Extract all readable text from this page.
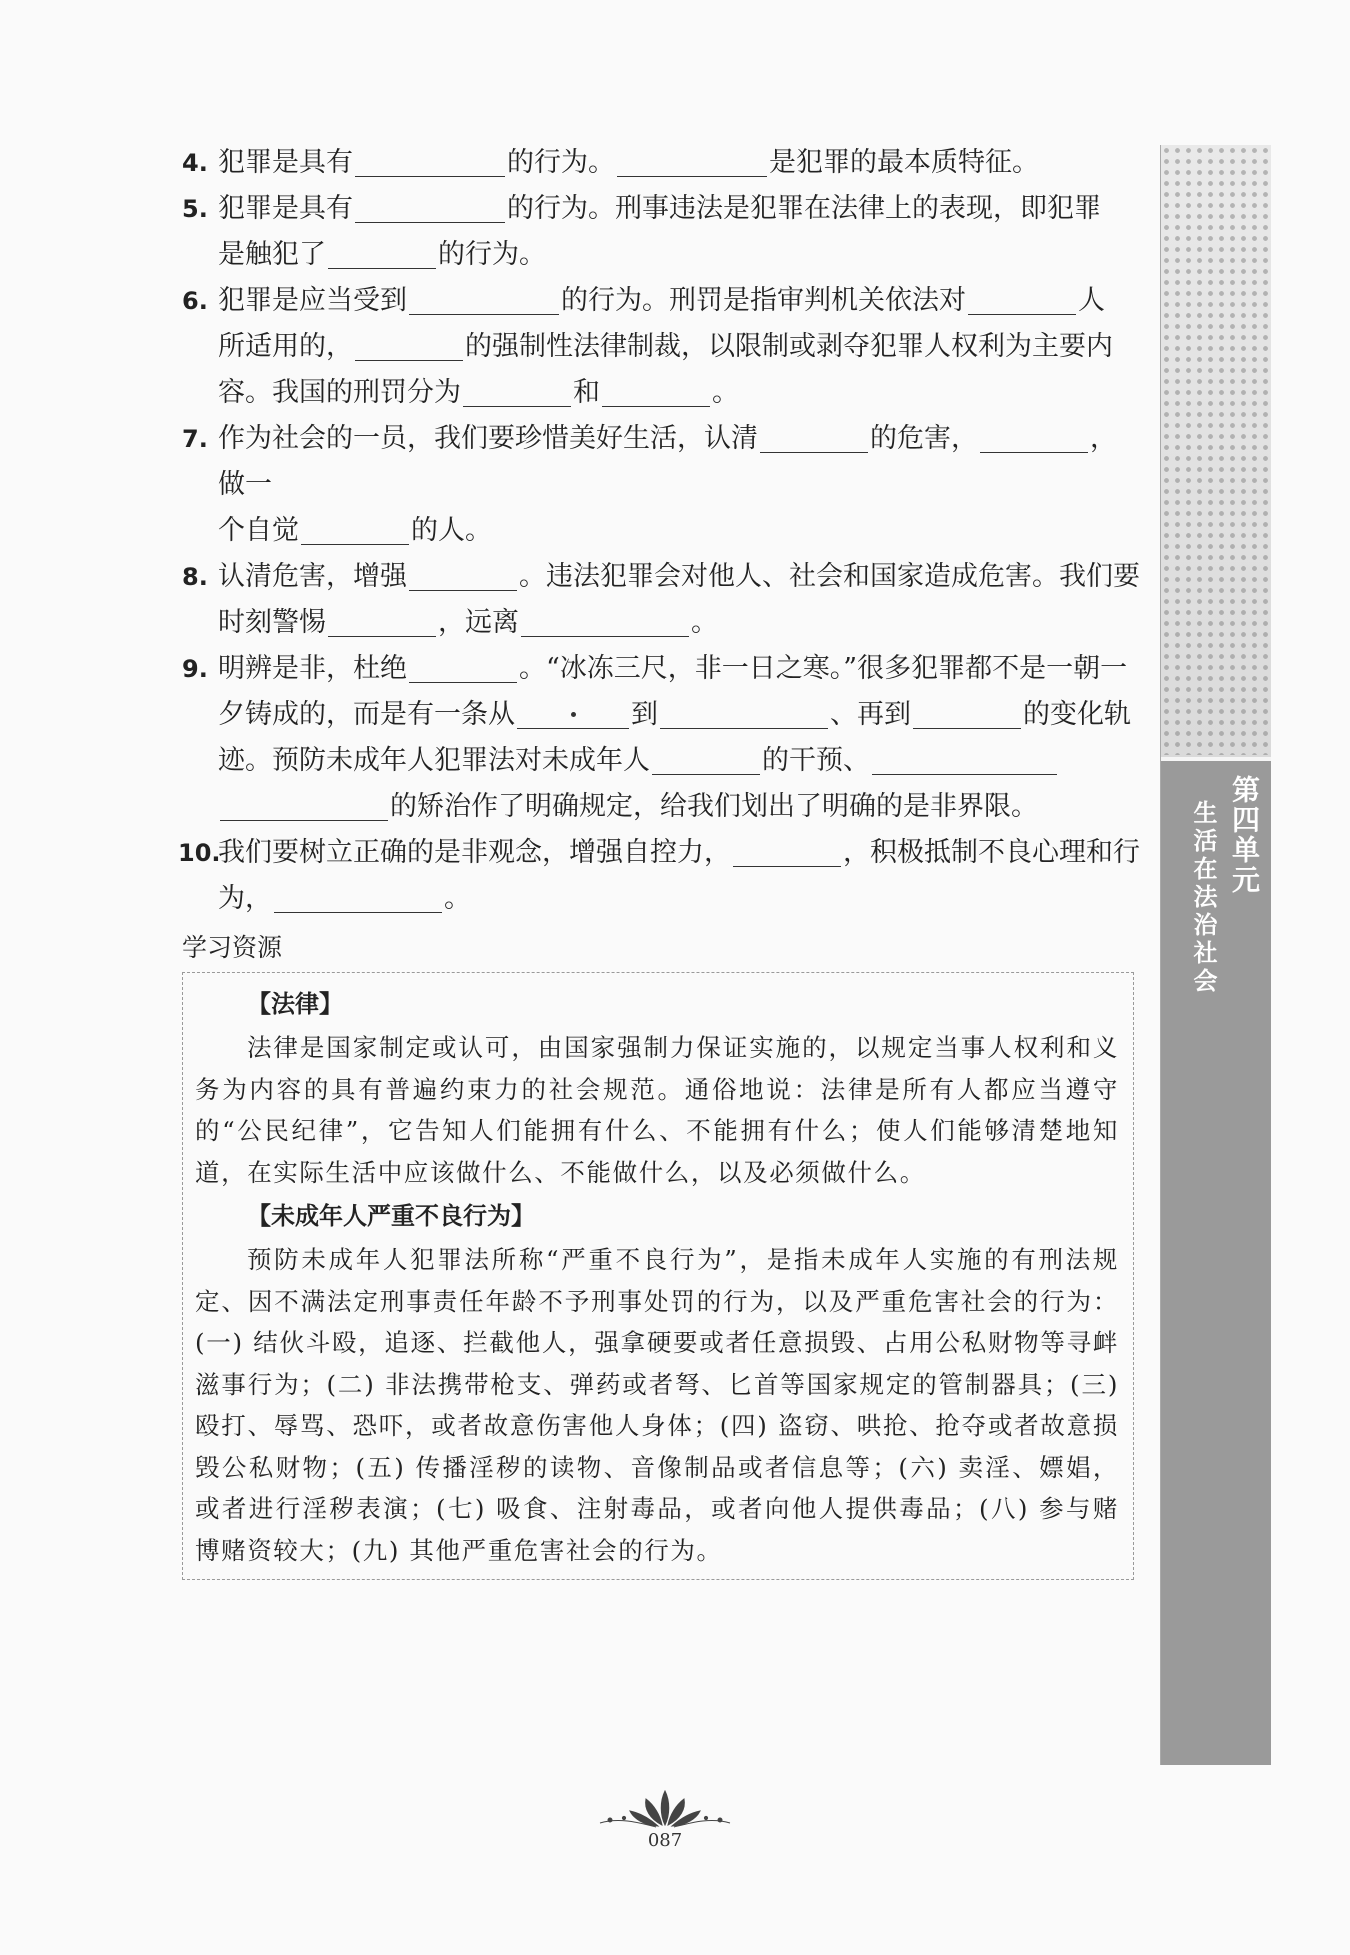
4. 犯罪是具有	的行为。	是犯罪的最本质特征。

5. 犯罪是具有	的行为。刑事违法是犯罪在法律上的表现，即犯罪
是触犯了	的行为。

6. 犯罪是应当受到	的行为。刑罚是指审判机关依法对	人
所适用的，	的强制性法律制裁，以限制或剥夺犯罪人权利为主要内
容。我国的刑罚分为	和	。

7. 作为社会的一员，我们要珍惜美好生活，认清	的危害，	，做一
个自觉	的人。

8. 认清危害，增强	。违法犯罪会对他人、社会和国家造成危害。我们要
时刻警惕	，远离	。

9. 明辨是非，杜绝	。“冰冻三尺，非一日之寒。”很多犯罪都不是一朝一
夕铸成的，而是有一条从	到	、再到	的变化轨
迹。预防未成年人犯罪法对未成年人	的干预、
的矫治作了明确规定，给我们划出了明确的是非界限。

10.
我们要树立正确的是非观念，增强自控力，	，积极抵制不良心理和行
为，	。

学习资源
【法律】

法律是国家制定或认可，由国家强制力保证实施的，以规定当事人权利和义务为内容的具有普遍约束力的社会规范。通俗地说：法律是所有人都应当遵守的“公民纪律”，它告知人们能拥有什么、不能拥有什么；使人们能够清楚地知道，在实际生活中应该做什么、不能做什么，以及必须做什么。

【未成年人严重不良行为】

预防未成年人犯罪法所称“严重不良行为”，是指未成年人实施的有刑法规定、因不满法定刑事责任年龄不予刑事处罚的行为，以及严重危害社会的行为：(一) 结伙斗殴，追逐、拦截他人，强拿硬要或者任意损毁、占用公私财物等寻衅滋事行为；(二) 非法携带枪支、弹药或者弩、匕首等国家规定的管制器具；(三) 殴打、辱骂、恐吓，或者故意伤害他人身体；(四) 盗窃、哄抢、抢夺或者故意损毁公私财物；(五) 传播淫秽的读物、音像制品或者信息等；(六) 卖淫、嫖娼，或者进行淫秽表演；(七) 吸食、注射毒品，或者向他人提供毒品；(八) 参与赌博赌资较大；(九) 其他严重危害社会的行为。

第四单元
生活在法治社会
087
